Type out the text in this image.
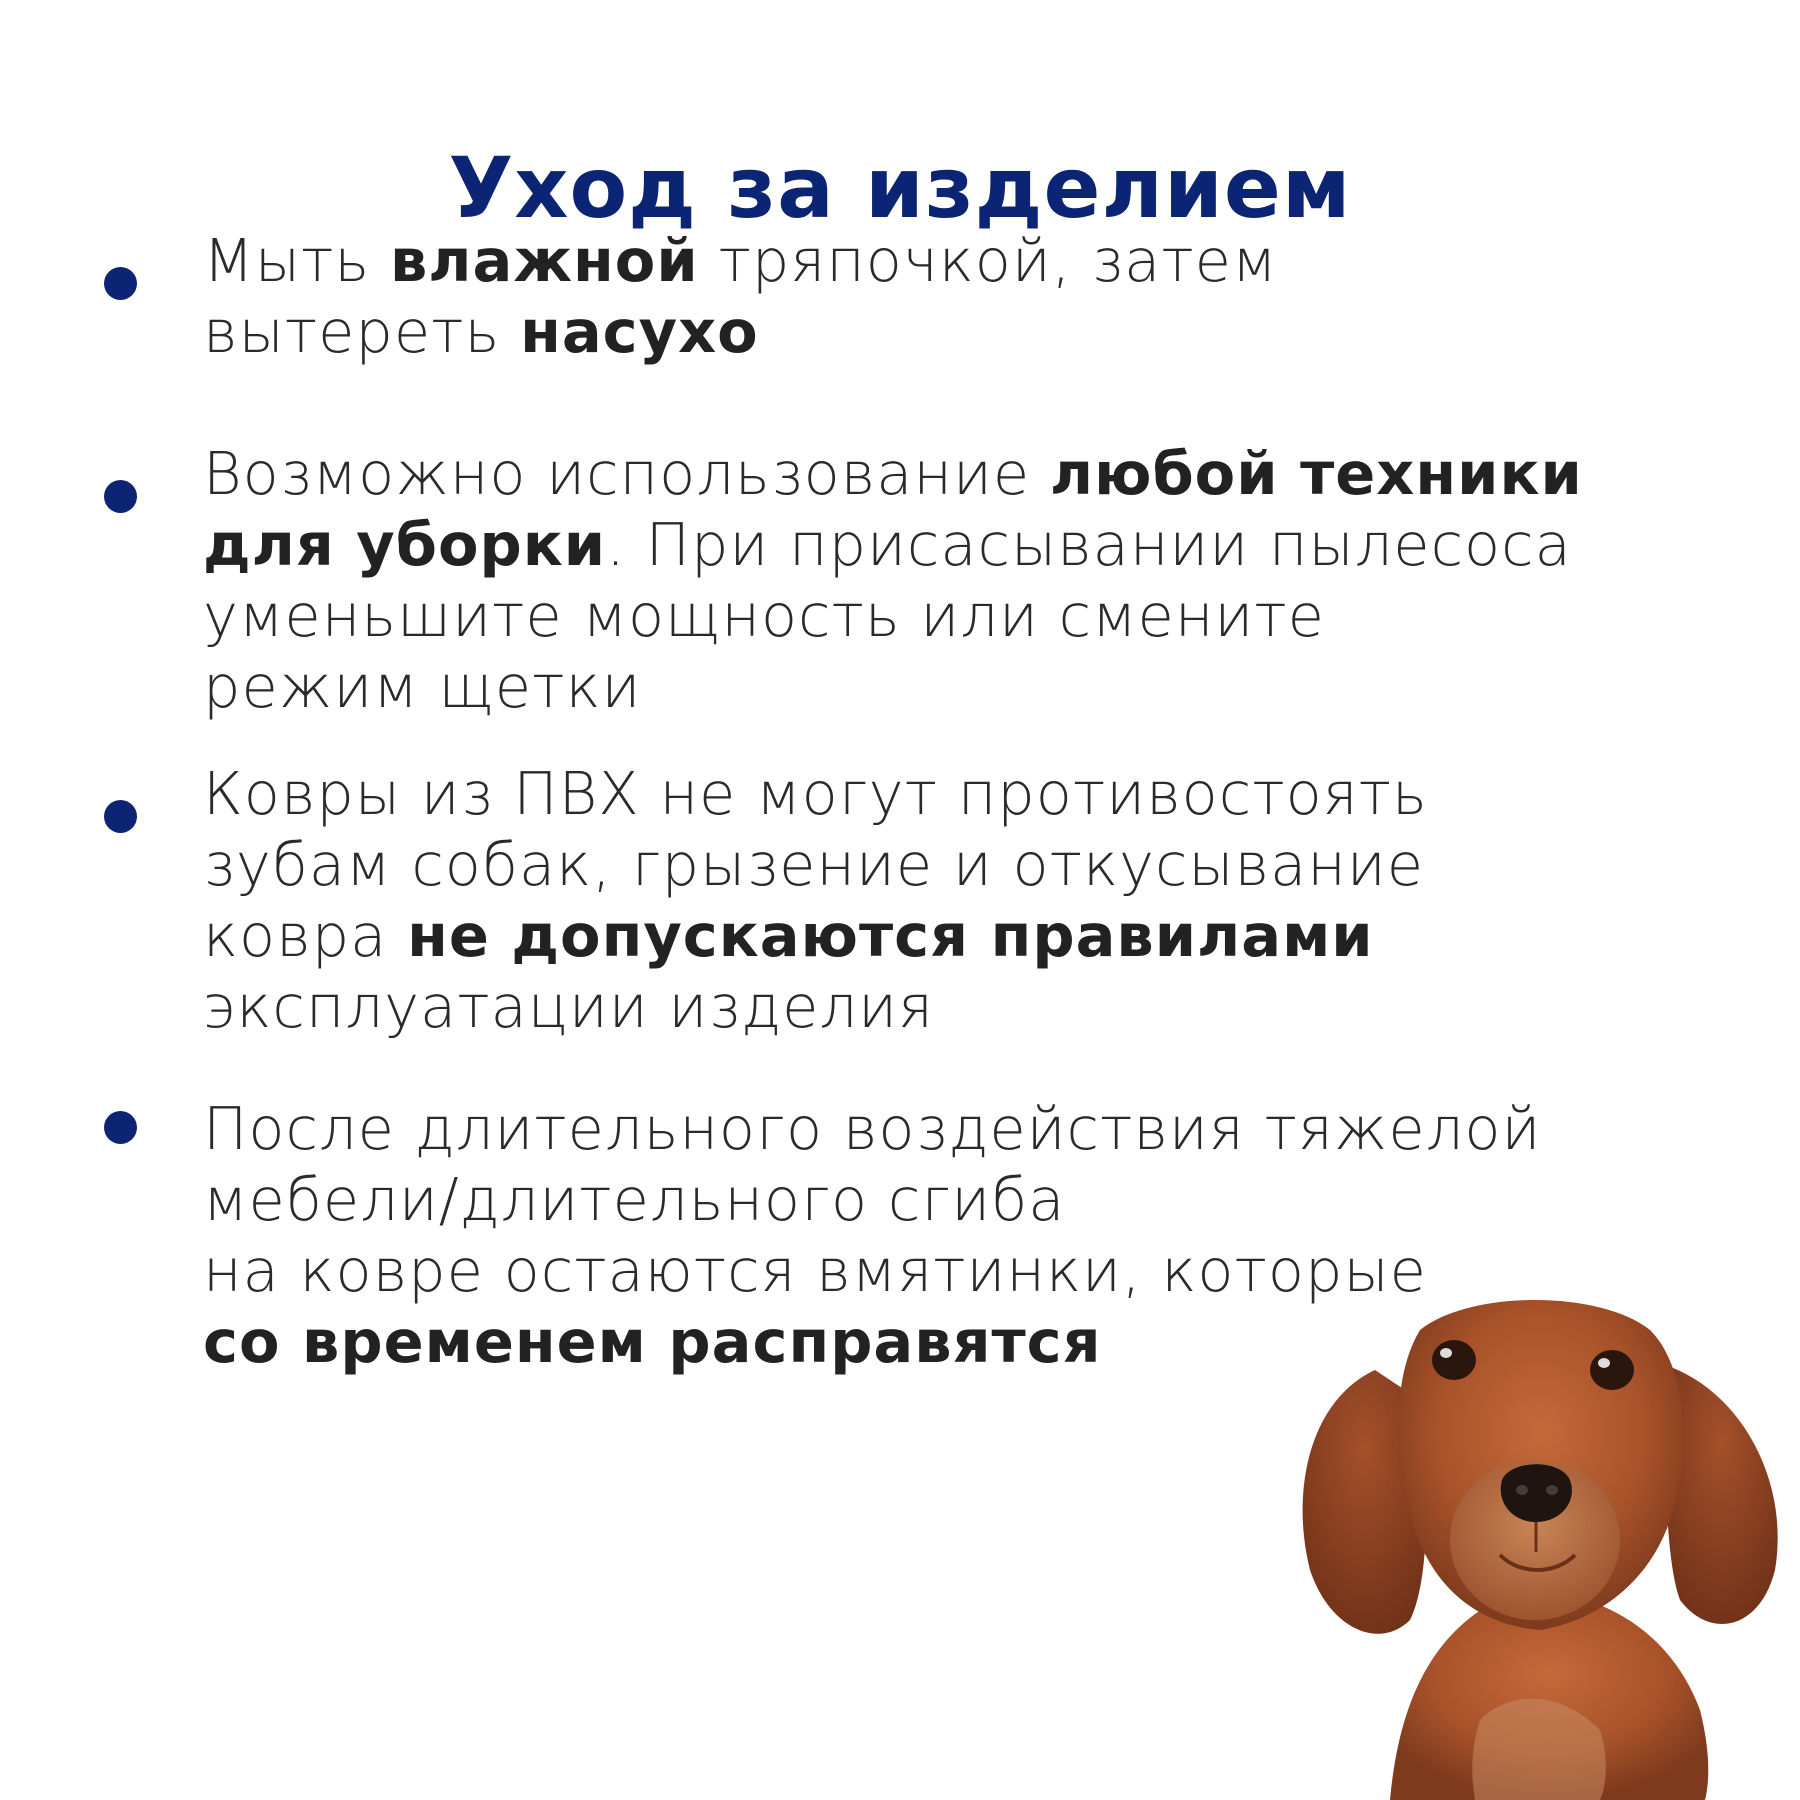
Уход за изделием
Мыть влажной тряпочкой, затем
вытереть насухо
Возможно использование любой техники
для уборки. При присасывании пылесоса
уменьшите мощность или смените
режим щетки
Ковры из ПВХ не могут противостоять
зубам собак, грызение и откусывание
ковра не допускаются правилами
эксплуатации изделия
После длительного воздействия тяжелой
мебели/длительного сгиба
на ковре остаются вмятинки, которые
со временем расправятся
